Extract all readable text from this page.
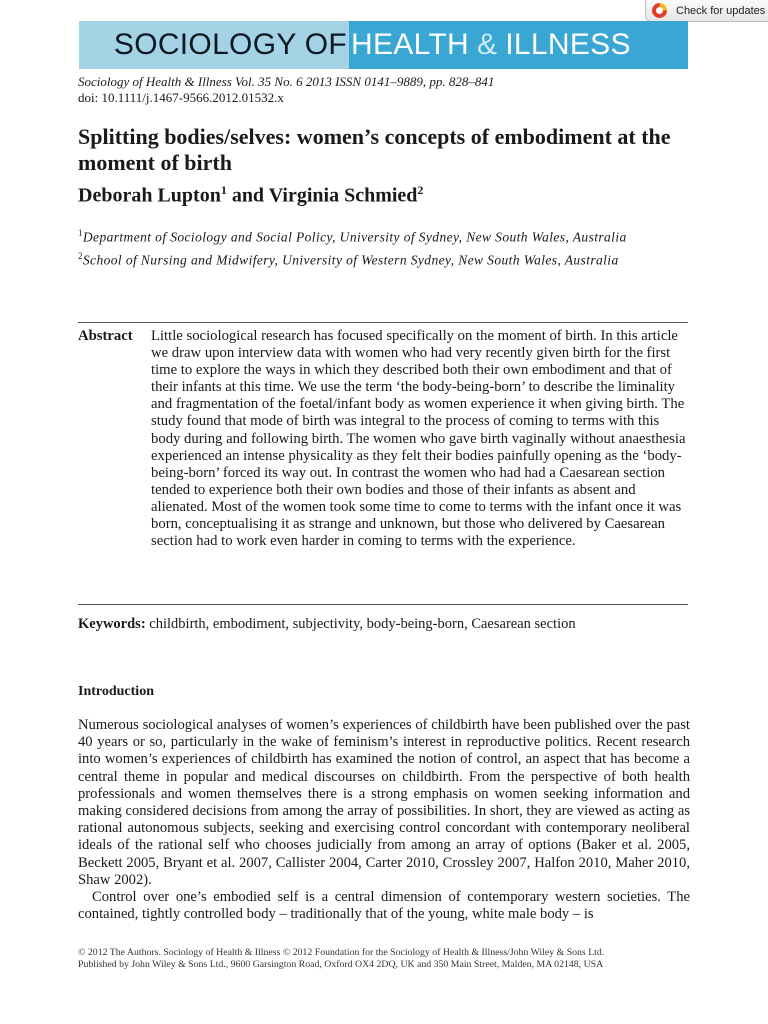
Check for updates
SOCIOLOGY OF HEALTH & ILLNESS
Sociology of Health & Illness Vol. 35 No. 6 2013 ISSN 0141–9889, pp. 828–841
doi: 10.1111/j.1467-9566.2012.01532.x
Splitting bodies/selves: women’s concepts of embodiment at the moment of birth
Deborah Lupton$^1$ and Virginia Schmied$^2$

$^1$Department of Sociology and Social Policy, University of Sydney, New South Wales, Australia

$^2$School of Nursing and Midwifery, University of Western Sydney, New South Wales, Australia

Abstract	Little sociological research has focused specifically on the moment of birth. In this article we draw upon interview data with women who had very recently given birth for the first time to explore the ways in which they described both their own embodiment and that of their infants at this time. We use the term ‘the body-being-born’ to describe the liminality and fragmentation of the foetal/infant body as women experience it when giving birth. The study found that mode of birth was integral to the process of coming to terms with this body during and following birth. The women who gave birth vaginally without anaesthesia experienced an intense physicality as they felt their bodies painfully opening as the ‘body-being-born’ forced its way out. In contrast the women who had had a Caesarean section tended to experience both their own bodies and those of their infants as absent and alienated. Most of the women took some time to come to terms with the infant once it was born, conceptualising it as strange and unknown, but those who delivered by Caesarean section had to work even harder in coming to terms with the experience.

Keywords: childbirth, embodiment, subjectivity, body-being-born, Caesarean section
Introduction

Numerous sociological analyses of women’s experiences of childbirth have been published over the past 40 years or so, particularly in the wake of feminism’s interest in reproductive politics. Recent research into women’s experiences of childbirth has examined the notion of control, an aspect that has become a central theme in popular and medical discourses on childbirth. From the perspective of both health professionals and women themselves there is a strong emphasis on women seeking information and making considered decisions from among the array of possibilities. In short, they are viewed as acting as rational autonomous subjects, seeking and exercising control concordant with contemporary neoliberal ideals of the rational self who chooses judicially from among an array of options (Baker et al. 2005, Beckett 2005, Bryant et al. 2007, Callister 2004, Carter 2010, Crossley 2007, Halfon 2010, Maher 2010, Shaw 2002).

Control over one’s embodied self is a central dimension of contemporary western societies. The contained, tightly controlled body – traditionally that of the young, white male body – is

© 2012 The Authors. Sociology of Health & Illness © 2012 Foundation for the Sociology of Health & Illness/John Wiley & Sons Ltd.
Published by John Wiley & Sons Ltd., 9600 Garsington Road, Oxford OX4 2DQ, UK and 350 Main Street, Malden, MA 02148, USA
